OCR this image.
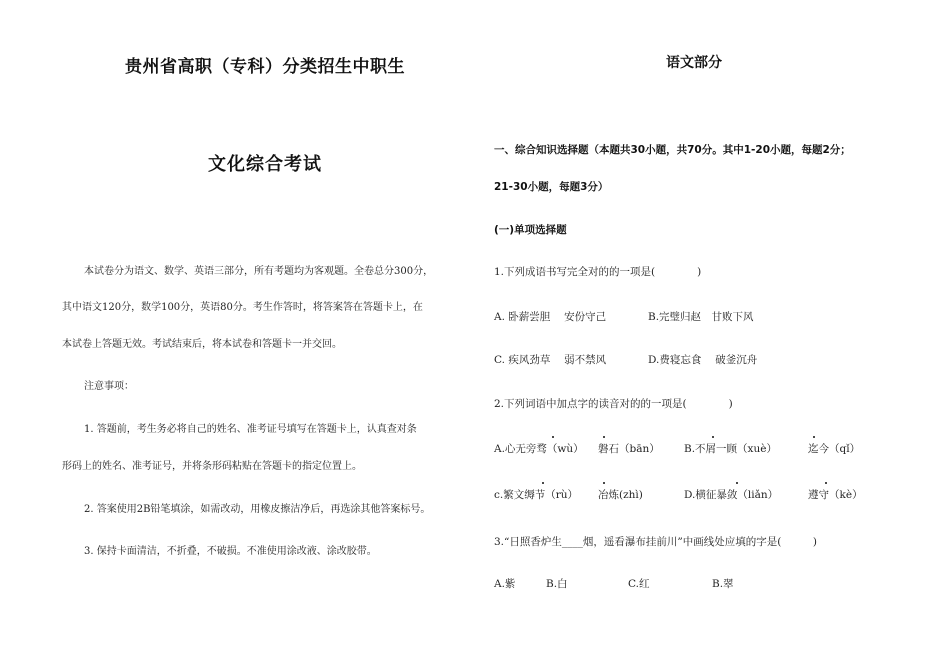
贵州省高职（专科）分类招生中职生
文化综合考试
本试卷分为语文、数学、英语三部分，所有考题均为客观题。全卷总分300分，
其中语文120分，数学100分，英语80分。考生作答时，将答案答在答题卡上，在
本试卷上答题无效。考试结束后，将本试卷和答题卡一并交回。
注意事项：
1. 答题前，考生务必将自己的姓名、准考证号填写在答题卡上，认真查对条
形码上的姓名、准考证号，并将条形码粘贴在答题卡的指定位置上。
2. 答案使用2B铅笔填涂，如需改动，用橡皮擦洁净后，再选涂其他答案标号。
3. 保持卡面清洁，不折叠，不破损。不准使用涂改液、涂改胶带。
语文部分
一、综合知识选择题（本题共30小题，共70分。其中1-20小题，每题2分；
21-30小题，每题3分）
(一)单项选择题
1.下列成语书写完全对的的一项是(　　　　)
A. 卧薪尝胆　 安份守己	B.完璧归赵　甘败下风
C. 疾风劲草　 弱不禁风	D.费寝忘食　 破釜沉舟
2.下列词语中加点字的读音对的的一项是(　　　　)
A.心无旁骛（wù） 磐石（bān） B.不屑一顾（xuè）	迄今（qǐ）
c.繁文缛节（rù） 冶炼(zhì)	D.横征暴敛（liǎn）	遵守（kè）
3.“日照香炉生____烟，遥看瀑布挂前川”中画线处应填的字是(　　　)
A.紫	B.白	C.红	B.翠
